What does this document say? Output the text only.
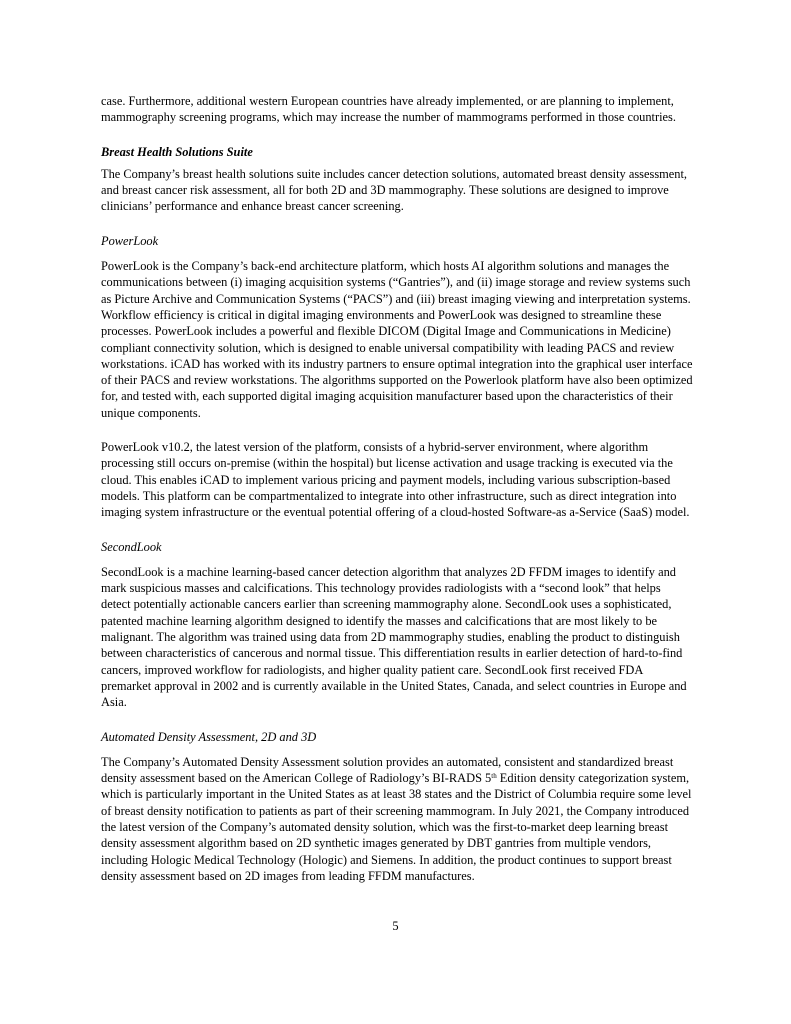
case. Furthermore, additional western European countries have already implemented, or are planning to implement, mammography screening programs, which may increase the number of mammograms performed in those countries.

Breast Health Solutions Suite

The Company’s breast health solutions suite includes cancer detection solutions, automated breast density assessment, and breast cancer risk assessment, all for both 2D and 3D mammography. These solutions are designed to improve clinicians’ performance and enhance breast cancer screening.

PowerLook

PowerLook is the Company’s back-end architecture platform, which hosts AI algorithm solutions and manages the communications between (i) imaging acquisition systems (“Gantries”), and (ii) image storage and review systems such as Picture Archive and Communication Systems (“PACS”) and (iii) breast imaging viewing and interpretation systems. Workflow efficiency is critical in digital imaging environments and PowerLook was designed to streamline these processes. PowerLook includes a powerful and flexible DICOM (Digital Image and Communications in Medicine) compliant connectivity solution, which is designed to enable universal compatibility with leading PACS and review workstations. iCAD has worked with its industry partners to ensure optimal integration into the graphical user interface of their PACS and review workstations. The algorithms supported on the Powerlook platform have also been optimized for, and tested with, each supported digital imaging acquisition manufacturer based upon the characteristics of their unique components.

PowerLook v10.2, the latest version of the platform, consists of a hybrid-server environment, where algorithm processing still occurs on-premise (within the hospital) but license activation and usage tracking is executed via the cloud. This enables iCAD to implement various pricing and payment models, including various subscription-based models. This platform can be compartmentalized to integrate into other infrastructure, such as direct integration into imaging system infrastructure or the eventual potential offering of a cloud-hosted Software-as a-Service (SaaS) model.

SecondLook

SecondLook is a machine learning-based cancer detection algorithm that analyzes 2D FFDM images to identify and mark suspicious masses and calcifications. This technology provides radiologists with a “second look” that helps detect potentially actionable cancers earlier than screening mammography alone. SecondLook uses a sophisticated, patented machine learning algorithm designed to identify the masses and calcifications that are most likely to be malignant. The algorithm was trained using data from 2D mammography studies, enabling the product to distinguish between characteristics of cancerous and normal tissue. This differentiation results in earlier detection of hard-to-find cancers, improved workflow for radiologists, and higher quality patient care. SecondLook first received FDA premarket approval in 2002 and is currently available in the United States, Canada, and select countries in Europe and Asia.

Automated Density Assessment, 2D and 3D

The Company’s Automated Density Assessment solution provides an automated, consistent and standardized breast density assessment based on the American College of Radiology’s BI-RADS 5th Edition density categorization system, which is particularly important in the United States as at least 38 states and the District of Columbia require some level of breast density notification to patients as part of their screening mammogram. In July 2021, the Company introduced the latest version of the Company’s automated density solution, which was the first-to-market deep learning breast density assessment algorithm based on 2D synthetic images generated by DBT gantries from multiple vendors, including Hologic Medical Technology (Hologic) and Siemens. In addition, the product continues to support breast density assessment based on 2D images from leading FFDM manufactures.

5
